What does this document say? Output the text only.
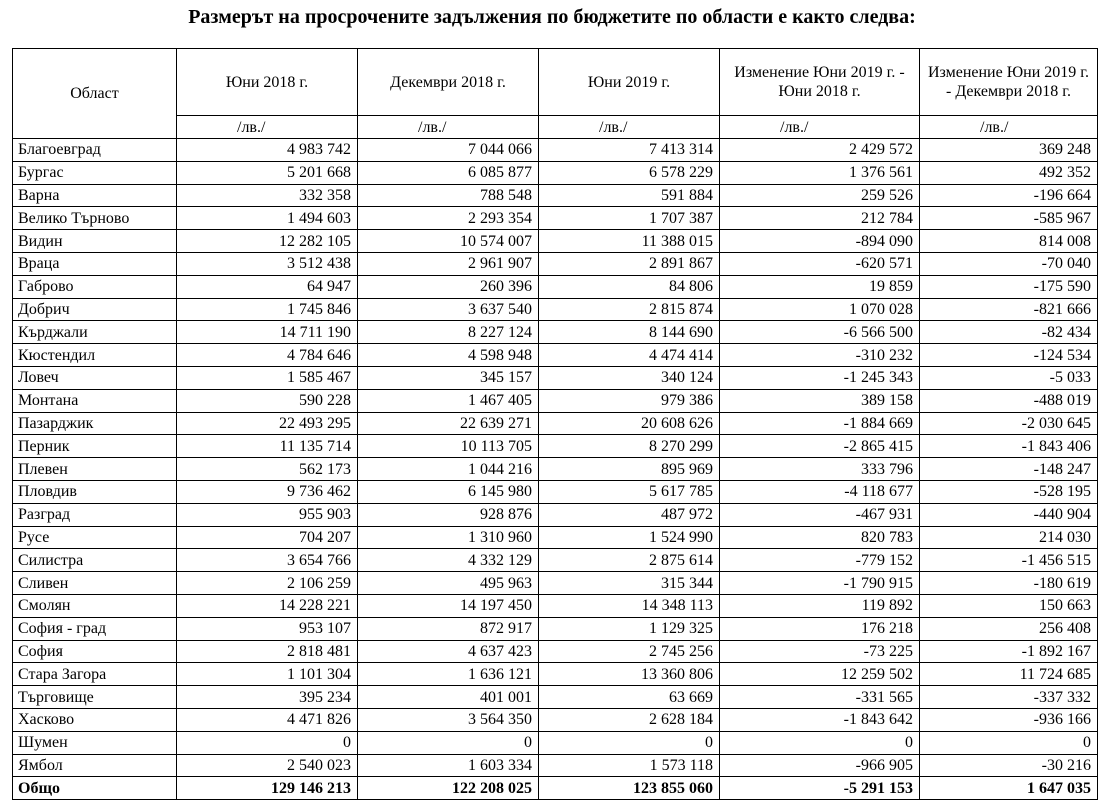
Размерът на просрочените задължения по бюджетите по области е както следва:
Област	Юни 2018 г.	Декември 2018 г.	Юни 2019 г.	Изменение Юни 2019 г. - Юни 2018 г.	Изменение Юни 2019 г. - Декември 2018 г.
	/лв./	/лв./	/лв./	/лв./	/лв./
Благоевград	4 983 742	7 044 066	7 413 314	2 429 572	369 248
Бургас	5 201 668	6 085 877	6 578 229	1 376 561	492 352
Варна	332 358	788 548	591 884	259 526	-196 664
Велико Търново	1 494 603	2 293 354	1 707 387	212 784	-585 967
Видин	12 282 105	10 574 007	11 388 015	-894 090	814 008
Враца	3 512 438	2 961 907	2 891 867	-620 571	-70 040
Габрово	64 947	260 396	84 806	19 859	-175 590
Добрич	1 745 846	3 637 540	2 815 874	1 070 028	-821 666
Кърджали	14 711 190	8 227 124	8 144 690	-6 566 500	-82 434
Кюстендил	4 784 646	4 598 948	4 474 414	-310 232	-124 534
Ловеч	1 585 467	345 157	340 124	-1 245 343	-5 033
Монтана	590 228	1 467 405	979 386	389 158	-488 019
Пазарджик	22 493 295	22 639 271	20 608 626	-1 884 669	-2 030 645
Перник	11 135 714	10 113 705	8 270 299	-2 865 415	-1 843 406
Плевен	562 173	1 044 216	895 969	333 796	-148 247
Пловдив	9 736 462	6 145 980	5 617 785	-4 118 677	-528 195
Разград	955 903	928 876	487 972	-467 931	-440 904
Русе	704 207	1 310 960	1 524 990	820 783	214 030
Силистра	3 654 766	4 332 129	2 875 614	-779 152	-1 456 515
Сливен	2 106 259	495 963	315 344	-1 790 915	-180 619
Смолян	14 228 221	14 197 450	14 348 113	119 892	150 663
София - град	953 107	872 917	1 129 325	176 218	256 408
София	2 818 481	4 637 423	2 745 256	-73 225	-1 892 167
Стара Загора	1 101 304	1 636 121	13 360 806	12 259 502	11 724 685
Търговище	395 234	401 001	63 669	-331 565	-337 332
Хасково	4 471 826	3 564 350	2 628 184	-1 843 642	-936 166
Шумен	0	0	0	0	0
Ямбол	2 540 023	1 603 334	1 573 118	-966 905	-30 216
Общо	129 146 213	122 208 025	123 855 060	-5 291 153	1 647 035
